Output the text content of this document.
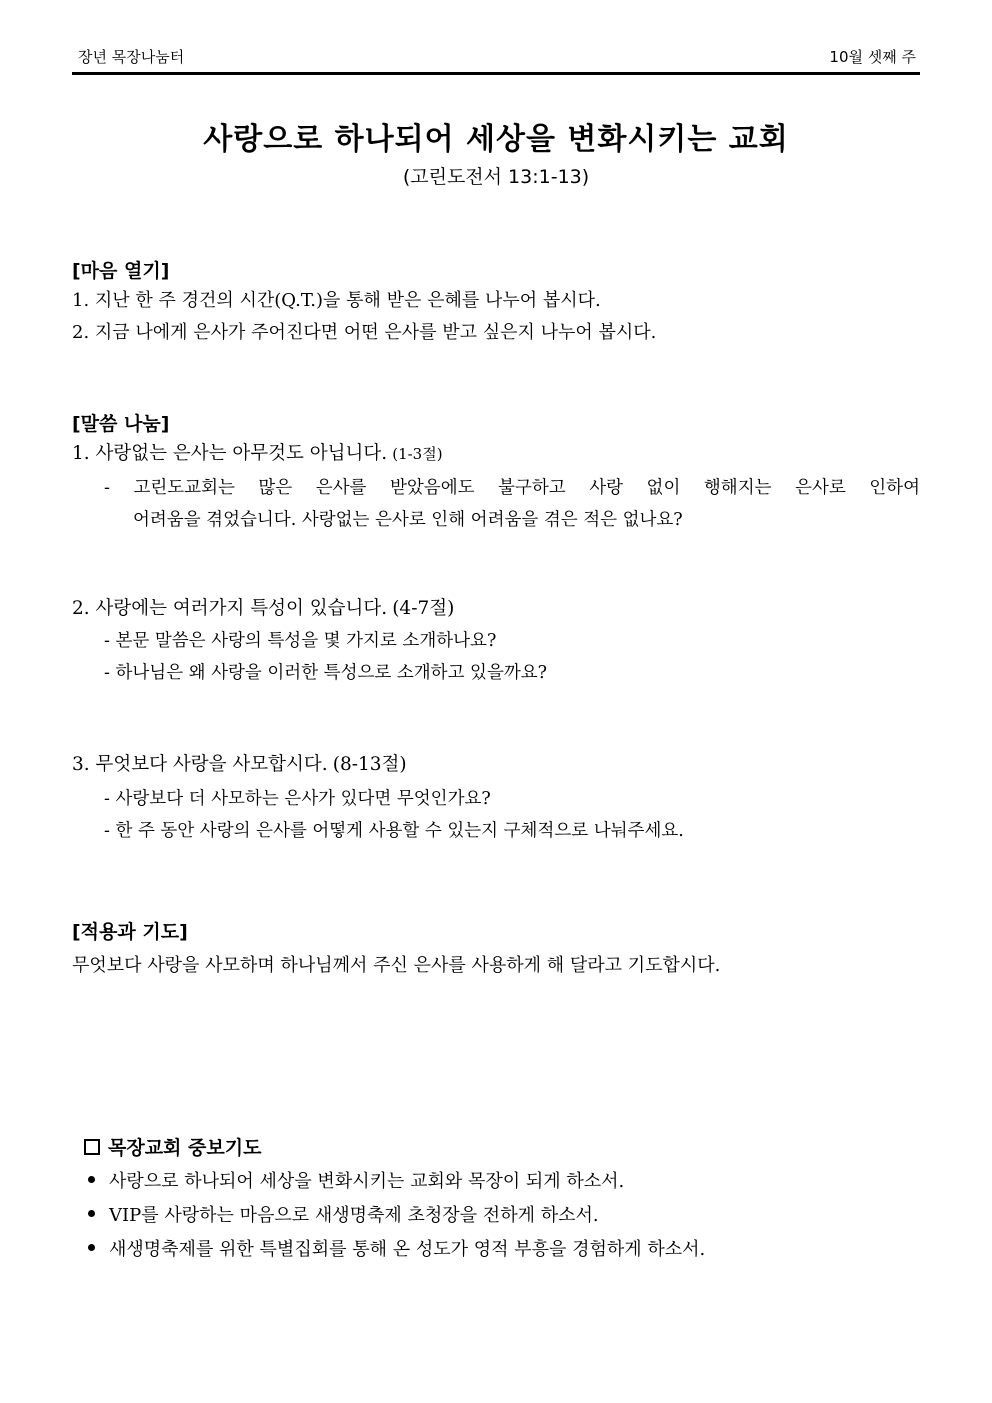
장년 목장나눔터	10월 셋째 주
사랑으로 하나되어 세상을 변화시키는 교회
(고린도전서 13:1-13)
[마음 열기]
1. 지난 한 주 경건의 시간(Q.T.)을 통해 받은 은혜를 나누어 봅시다.
2. 지금 나에게 은사가 주어진다면 어떤 은사를 받고 싶은지 나누어 봅시다.
[말씀 나눔]
1. 사랑없는 은사는 아무것도 아닙니다. (1-3절)
- 고린도교회는 많은 은사를 받았음에도 불구하고 사랑 없이 행해지는 은사로 인하여
어려움을 겪었습니다. 사랑없는 은사로 인해 어려움을 겪은 적은 없나요?
2. 사랑에는 여러가지 특성이 있습니다. (4-7절)
- 본문 말씀은 사랑의 특성을 몇 가지로 소개하나요?
- 하나님은 왜 사랑을 이러한 특성으로 소개하고 있을까요?
3. 무엇보다 사랑을 사모합시다. (8-13절)
- 사랑보다 더 사모하는 은사가 있다면 무엇인가요?
- 한 주 동안 사랑의 은사를 어떻게 사용할 수 있는지 구체적으로 나눠주세요.
[적용과 기도]
무엇보다 사랑을 사모하며 하나님께서 주신 은사를 사용하게 해 달라고 기도합시다.
목장교회 중보기도
사랑으로 하나되어 세상을 변화시키는 교회와 목장이 되게 하소서.
VIP를 사랑하는 마음으로 새생명축제 초청장을 전하게 하소서.
새생명축제를 위한 특별집회를 통해 온 성도가 영적 부흥을 경험하게 하소서.
